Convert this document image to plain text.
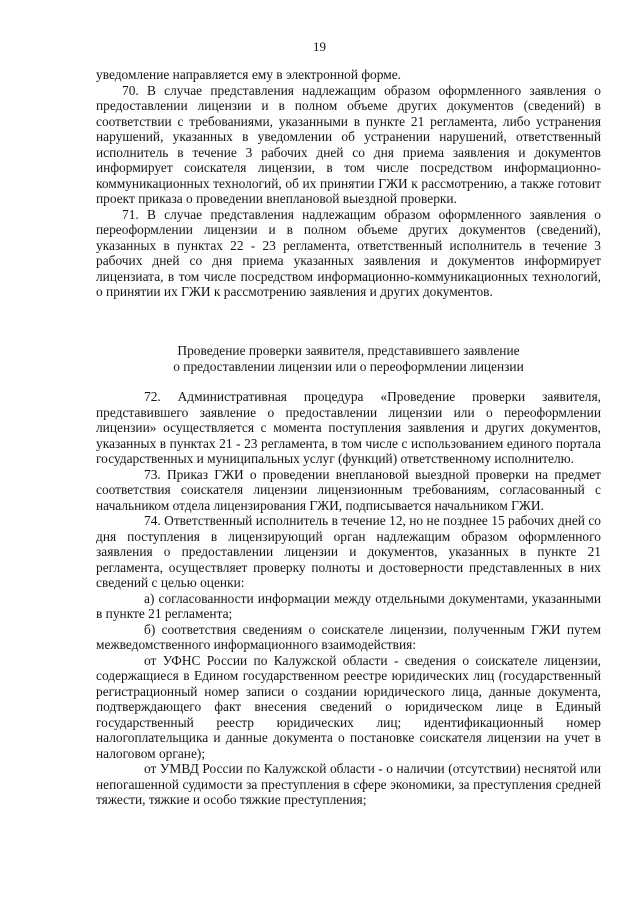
19

уведомление направляется ему в электронной форме.

70. В случае представления надлежащим образом оформленного заявления о предоставлении лицензии и в полном объеме других документов (сведений) в соответствии с требованиями, указанными в пункте 21 регламента, либо устранения нарушений, указанных в уведомлении об устранении нарушений, ответственный исполнитель в течение 3 рабочих дней со дня приема заявления и документов информирует соискателя лицензии, в том числе посредством информационно-коммуникационных технологий, об их принятии ГЖИ к рассмотрению, а также готовит проект приказа о проведении внеплановой выездной проверки.

71. В случае представления надлежащим образом оформленного заявления о переоформлении лицензии и в полном объеме других документов (сведений), указанных в пунктах 22 - 23 регламента, ответственный исполнитель в течение 3 рабочих дней со дня приема указанных заявления и документов информирует лицензиата, в том числе посредством информационно-коммуникационных технологий, о принятии их ГЖИ к рассмотрению заявления и других документов.

Проведение проверки заявителя, представившего заявление
о предоставлении лицензии или о переоформлении лицензии

72. Административная процедура «Проведение проверки заявителя, представившего заявление о предоставлении лицензии или о переоформлении лицензии» осуществляется с момента поступления заявления и других документов, указанных в пунктах 21 - 23 регламента, в том числе с использованием единого портала государственных и муниципальных услуг (функций) ответственному исполнителю.

73. Приказ ГЖИ о проведении внеплановой выездной проверки на предмет соответствия соискателя лицензии лицензионным требованиям, согласованный с начальником отдела лицензирования ГЖИ, подписывается начальником ГЖИ.

74. Ответственный исполнитель в течение 12, но не позднее 15 рабочих дней со дня поступления в лицензирующий орган надлежащим образом оформленного заявления о предоставлении лицензии и документов, указанных в пункте 21 регламента, осуществляет проверку полноты и достоверности представленных в них сведений с целью оценки:

а) согласованности информации между отдельными документами, указанными в пункте 21 регламента;

б) соответствия сведениям о соискателе лицензии, полученным ГЖИ путем межведомственного информационного взаимодействия:

от УФНС России по Калужской области - сведения о соискателе лицензии, содержащиеся в Едином государственном реестре юридических лиц (государственный регистрационный номер записи о создании юридического лица, данные документа, подтверждающего факт внесения сведений о юридическом лице в Единый государственный реестр юридических лиц; идентификационный номер налогоплательщика и данные документа о постановке соискателя лицензии на учет в налоговом органе);

от УМВД России по Калужской области - о наличии (отсутствии) неснятой или непогашенной судимости за преступления в сфере экономики, за преступления средней тяжести, тяжкие и особо тяжкие преступления;
